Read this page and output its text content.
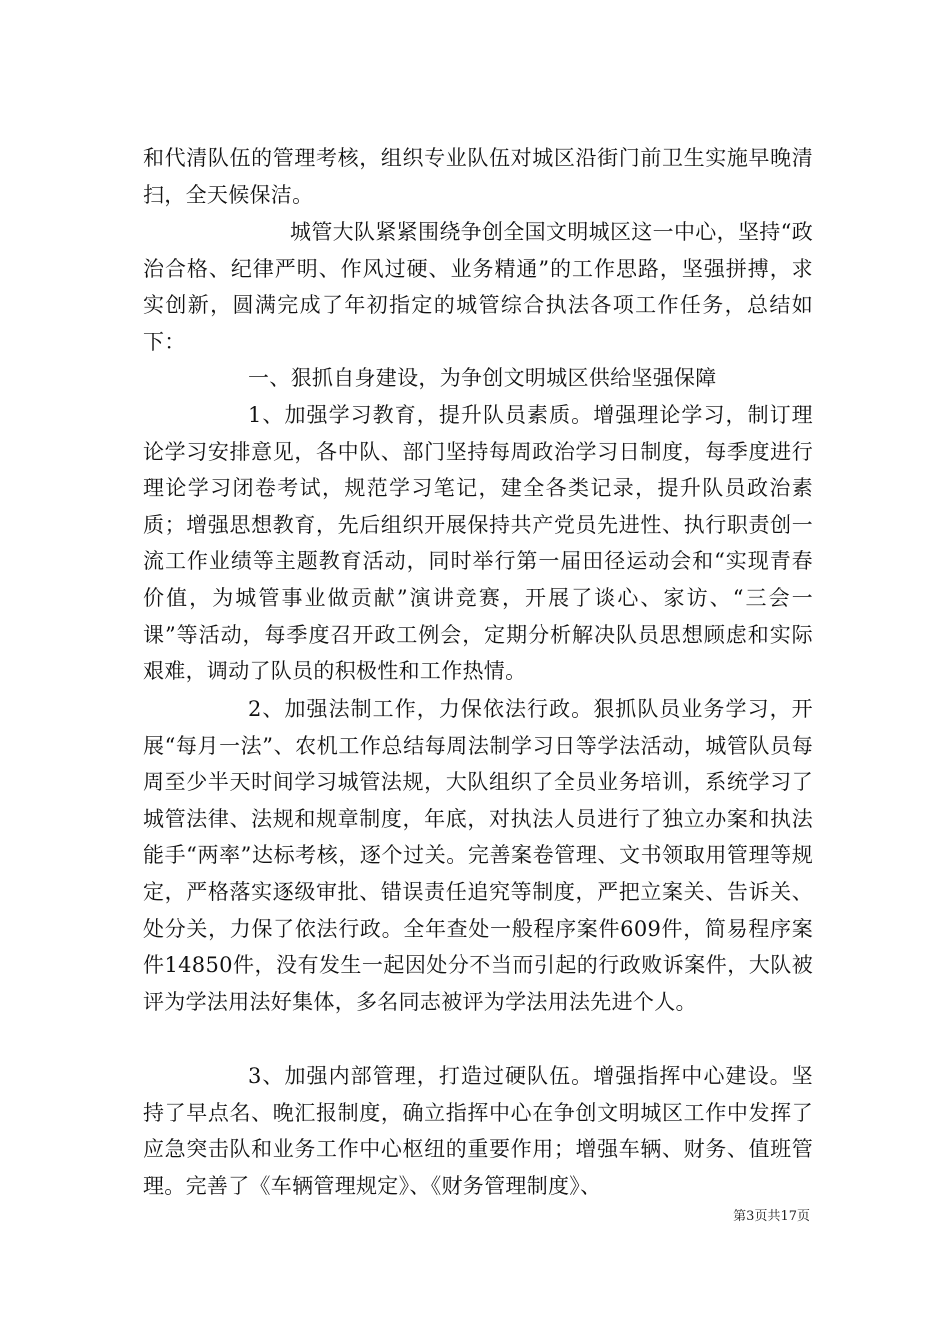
和代清队伍的管理考核，组织专业队伍对城区沿街门前卫生实施早晚清扫，全天候保洁。

城管大队紧紧围绕争创全国文明城区这一中心，坚持“政治合格、纪律严明、作风过硬、业务精通”的工作思路，坚强拼搏，求实创新，圆满完成了年初指定的城管综合执法各项工作任务，总结如下：

一、狠抓自身建设，为争创文明城区供给坚强保障

1、加强学习教育，提升队员素质。增强理论学习，制订理论学习安排意见，各中队、部门坚持每周政治学习日制度，每季度进行理论学习闭卷考试，规范学习笔记，建全各类记录，提升队员政治素质；增强思想教育，先后组织开展保持共产党员先进性、执行职责创一流工作业绩等主题教育活动，同时举行第一届田径运动会和“实现青春价值，为城管事业做贡献”演讲竞赛，开展了谈心、家访、“三会一课”等活动，每季度召开政工例会，定期分析解决队员思想顾虑和实际艰难，调动了队员的积极性和工作热情。

2、加强法制工作，力保依法行政。狠抓队员业务学习，开展“每月一法”、农机工作总结每周法制学习日等学法活动，城管队员每周至少半天时间学习城管法规，大队组织了全员业务培训，系统学习了城管法律、法规和规章制度，年底，对执法人员进行了独立办案和执法能手“两率”达标考核，逐个过关。完善案卷管理、文书领取用管理等规定，严格落实逐级审批、错误责任追究等制度，严把立案关、告诉关、处分关，力保了依法行政。全年查处一般程序案件609件，简易程序案件14850件，没有发生一起因处分不当而引起的行政败诉案件，大队被评为学法用法好集体，多名同志被评为学法用法先进个人。

3、加强内部管理，打造过硬队伍。增强指挥中心建设。坚持了早点名、晚汇报制度，确立指挥中心在争创文明城区工作中发挥了应急突击队和业务工作中心枢纽的重要作用；增强车辆、财务、值班管理。完善了《车辆管理规定》、《财务管理制度》、

第3页共17页
